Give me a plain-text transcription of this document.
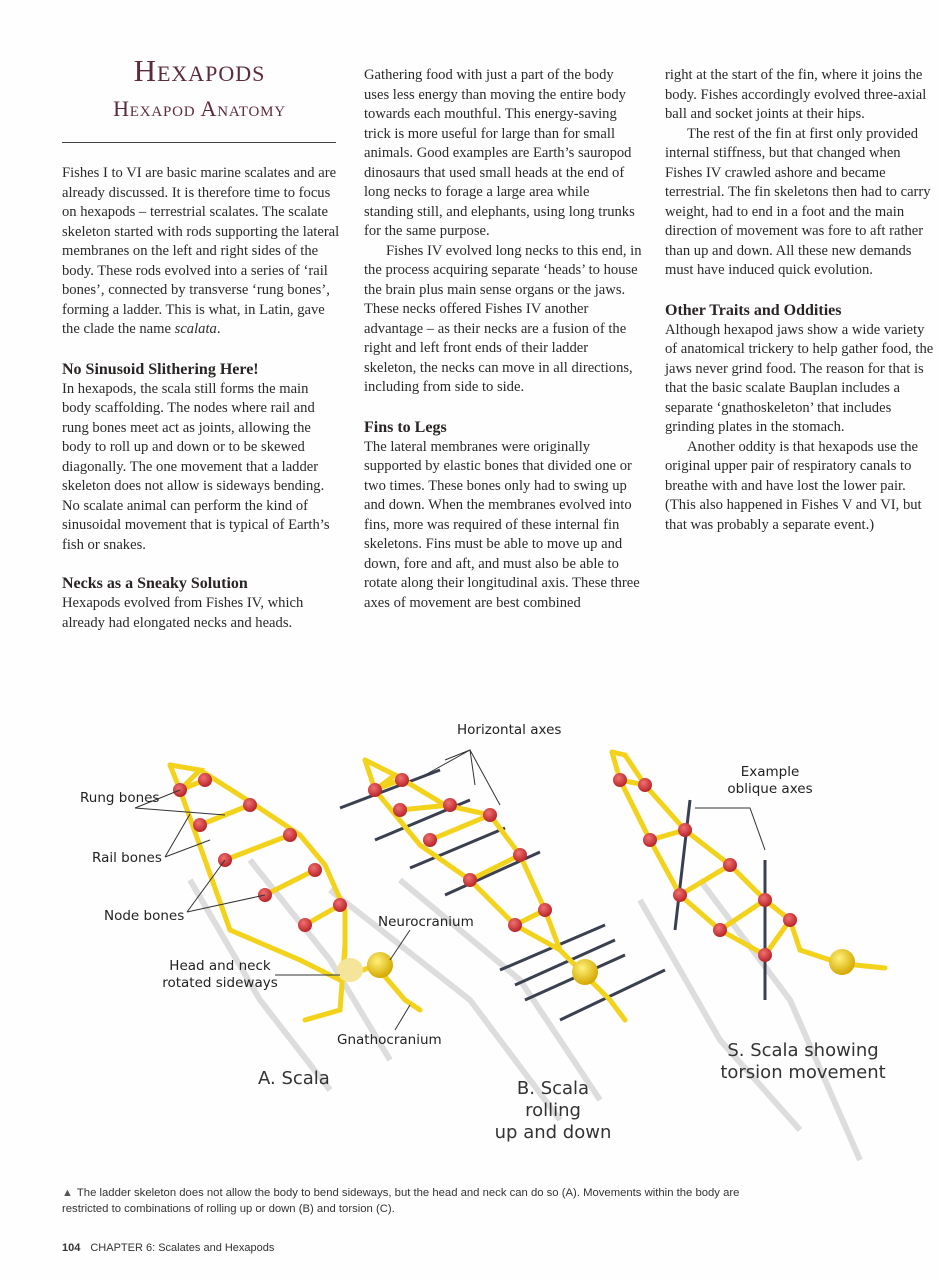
Hexapods
Hexapod Anatomy

Fishes I to VI are basic marine scalates and are already discussed. It is therefore time to focus on hexapods – terrestrial scalates. The scalate skeleton started with rods supporting the lateral membranes on the left and right sides of the body. These rods evolved into a series of ‘rail bones’, connected by transverse ‘rung bones’, forming a ladder. This is what, in Latin, gave the clade the name scalata.

No Sinusoid Slithering Here!

In hexapods, the scala still forms the main body scaffolding. The nodes where rail and rung bones meet act as joints, allowing the body to roll up and down or to be skewed diagonally. The one movement that a ladder skeleton does not allow is sideways bending. No scalate animal can perform the kind of sinusoidal movement that is typical of Earth’s fish or snakes.

Necks as a Sneaky Solution

Hexapods evolved from Fishes IV, which already had elongated necks and heads.

Gathering food with just a part of the body uses less energy than moving the entire body towards each mouthful. This energy-saving trick is more useful for large than for small animals. Good examples are Earth’s sauropod dinosaurs that used small heads at the end of long necks to forage a large area while standing still, and elephants, using long trunks for the same purpose.

Fishes IV evolved long necks to this end, in the process acquiring separate ‘heads’ to house the brain plus main sense organs or the jaws. These necks offered Fishes IV another advantage – as their necks are a fusion of the right and left front ends of their ladder skeleton, the necks can move in all directions, including from side to side.

Fins to Legs

The lateral membranes were originally supported by elastic bones that divided one or two times. These bones only had to swing up and down. When the membranes evolved into fins, more was required of these internal fin skeletons. Fins must be able to move up and down, fore and aft, and must also be able to rotate along their longitudinal axis. These three axes of movement are best combined

right at the start of the fin, where it joins the body. Fishes accordingly evolved three-axial ball and socket joints at their hips.

The rest of the fin at first only provided internal stiffness, but that changed when Fishes IV crawled ashore and became terrestrial. The fin skeletons then had to carry weight, had to end in a foot and the main direction of movement was fore to aft rather than up and down. All these new demands must have induced quick evolution.

Other Traits and Oddities

Although hexapod jaws show a wide variety of anatomical trickery to help gather food, the jaws never grind food. The reason for that is that the basic scalate Bauplan includes a separate ‘gnathoskeleton’ that includes grinding plates in the stomach.

Another oddity is that hexapods use the original upper pair of respiratory canals to breathe with and have lost the lower pair. (This also happened in Fishes V and VI, but that was probably a separate event.)

Rung bones
Rail bones
Node bones
Head and neck rotated sideways
Neurocranium
Gnathocranium
Horizontal axes
Example oblique axes
A. Scala	B. Scala rolling
up and down
S. Scala showing
torsion movement
▲ The ladder skeleton does not allow the body to bend sideways, but the head and neck can do so (A). Movements within the body are restricted to combinations of rolling up or down (B) and torsion (C).
104 CHAPTER 6: Scalates and Hexapods
